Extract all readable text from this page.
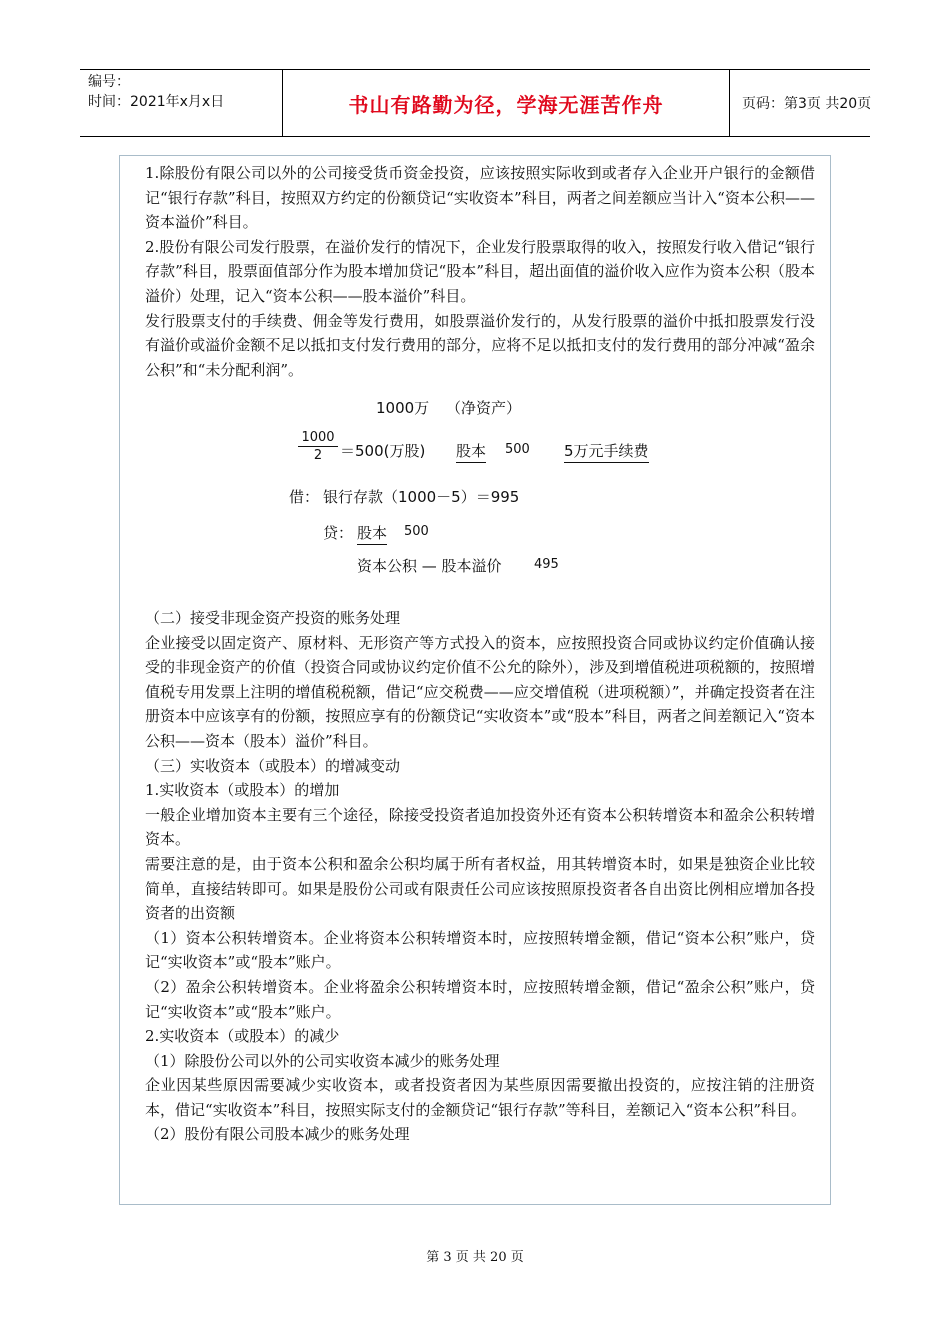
编号：
时间：2021年x月x日	书山有路勤为径，学海无涯苦作舟	页码：第3页 共20页

1.除股份有限公司以外的公司接受货币资金投资，应该按照实际收到或者存入企业开户银行的金额借记“银行存款”科目，按照双方约定的份额贷记“实收资本”科目，两者之间差额应当计入“资本公积——资本溢价”科目。

2.股份有限公司发行股票，在溢价发行的情况下，企业发行股票取得的收入，按照发行收入借记“银行存款”科目，股票面值部分作为股本增加贷记“股本”科目，超出面值的溢价收入应作为资本公积（股本溢价）处理，记入“资本公积——股本溢价”科目。

发行股票支付的手续费、佣金等发行费用，如股票溢价发行的，从发行股票的溢价中抵扣股票发行没有溢价或溢价金额不足以抵扣支付发行费用的部分，应将不足以抵扣支付的发行费用的部分冲减“盈余公积”和“未分配利润”。

1000万 （净资产）
$\frac{1000}{2} =500$(万股) 股本 500 5万元手续费
借： 银行存款（1000－5）＝995
贷： 股本 500
资本公积 — 股本溢价 495

（二）接受非现金资产投资的账务处理

企业接受以固定资产、原材料、无形资产等方式投入的资本，应按照投资合同或协议约定价值确认接受的非现金资产的价值（投资合同或协议约定价值不公允的除外），涉及到增值税进项税额的，按照增值税专用发票上注明的增值税税额，借记“应交税费——应交增值税（进项税额）”，并确定投资者在注册资本中应该享有的份额，按照应享有的份额贷记“实收资本”或“股本”科目，两者之间差额记入“资本公积——资本（股本）溢价”科目。

（三）实收资本（或股本）的增减变动

1.实收资本（或股本）的增加

一般企业增加资本主要有三个途径，除接受投资者追加投资外还有资本公积转增资本和盈余公积转增资本。

需要注意的是，由于资本公积和盈余公积均属于所有者权益，用其转增资本时，如果是独资企业比较简单，直接结转即可。如果是股份公司或有限责任公司应该按照原投资者各自出资比例相应增加各投资者的出资额

（1）资本公积转增资本。企业将资本公积转增资本时，应按照转增金额，借记“资本公积”账户，贷记“实收资本”或“股本”账户。

（2）盈余公积转增资本。企业将盈余公积转增资本时，应按照转增金额，借记“盈余公积”账户，贷记“实收资本”或“股本”账户。

2.实收资本（或股本）的减少

（1）除股份公司以外的公司实收资本减少的账务处理

企业因某些原因需要减少实收资本，或者投资者因为某些原因需要撤出投资的，应按注销的注册资本，借记“实收资本”科目，按照实际支付的金额贷记“银行存款”等科目，差额记入“资本公积”科目。

（2）股份有限公司股本减少的账务处理

第 3 页 共 20 页
